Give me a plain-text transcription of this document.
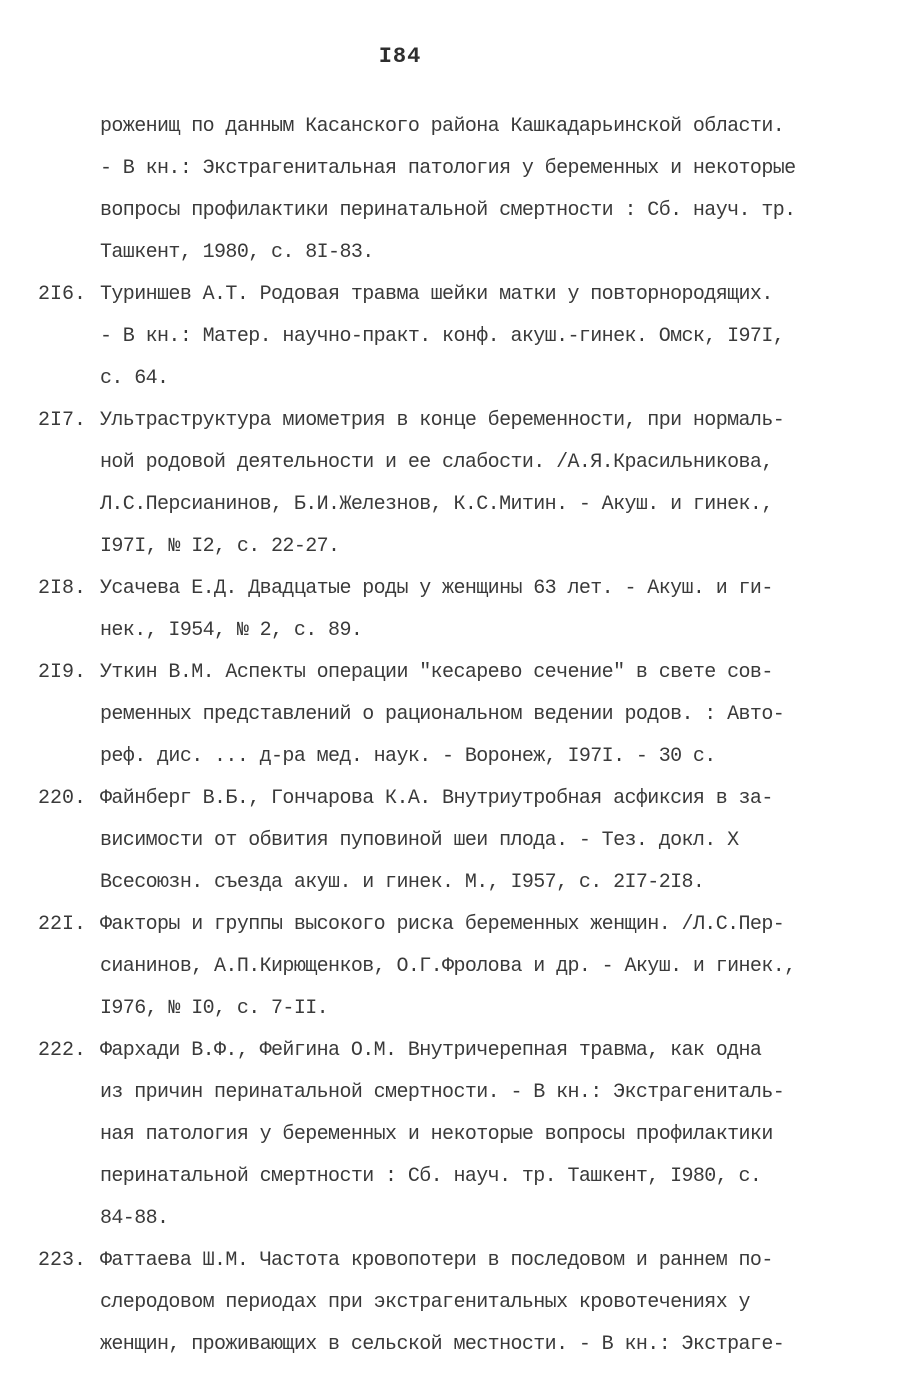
I84
роженищ по данным Касанского района Кашкадарьинской области.
- В кн.: Экстрагенитальная патология у беременных и некоторые
вопросы профилактики перинатальной смертности : Сб. науч. тр.
Ташкент, 1980, с. 8I-83.
2I6. Туриншев А.Т. Родовая травма шейки матки у повторнородящих.
- В кн.: Матер. научно-практ. конф. акуш.-гинек. Омск, I97I,
с. 64.
2I7. Ультраструктура миометрия в конце беременности, при нормаль-
ной родовой деятельности и ее слабости. /А.Я.Красильникова,
Л.С.Персианинов, Б.И.Железнов, К.С.Митин. - Акуш. и гинек.,
I97I, № I2, с. 22-27.
2I8. Усачева Е.Д. Двадцатые роды у женщины 63 лет. - Акуш. и ги-
нек., I954, № 2, с. 89.
2I9. Уткин В.М. Аспекты операции "кесарево сечение" в свете сов-
ременных представлений о рациональном ведении родов. : Авто-
реф. дис. ... д-ра мед. наук. - Воронеж, I97I. - 30 с.
220. Файнберг В.Б., Гончарова К.А. Внутриутробная асфиксия в за-
висимости от обвития пуповиной шеи плода. - Тез. докл. X
Всесоюзн. съезда акуш. и гинек. М., I957, с. 2I7-2I8.
22I. Факторы и группы высокого риска беременных женщин. /Л.С.Пер-
сианинов, А.П.Кирющенков, О.Г.Фролова и др. - Акуш. и гинек.,
I976, № I0, с. 7-II.
222. Фархади В.Ф., Фейгина О.М. Внутричерепная травма, как одна
из причин перинатальной смертности. - В кн.: Экстрагениталь-
ная патология у беременных и некоторые вопросы профилактики
перинатальной смертности : Сб. науч. тр. Ташкент, I980, с.
84-88.
223. Фаттаева Ш.М. Частота кровопотери в последовом и раннем по-
слеродовом периодах при экстрагенитальных кровотечениях у
женщин, проживающих в сельской местности. - В кн.: Экстраге-
